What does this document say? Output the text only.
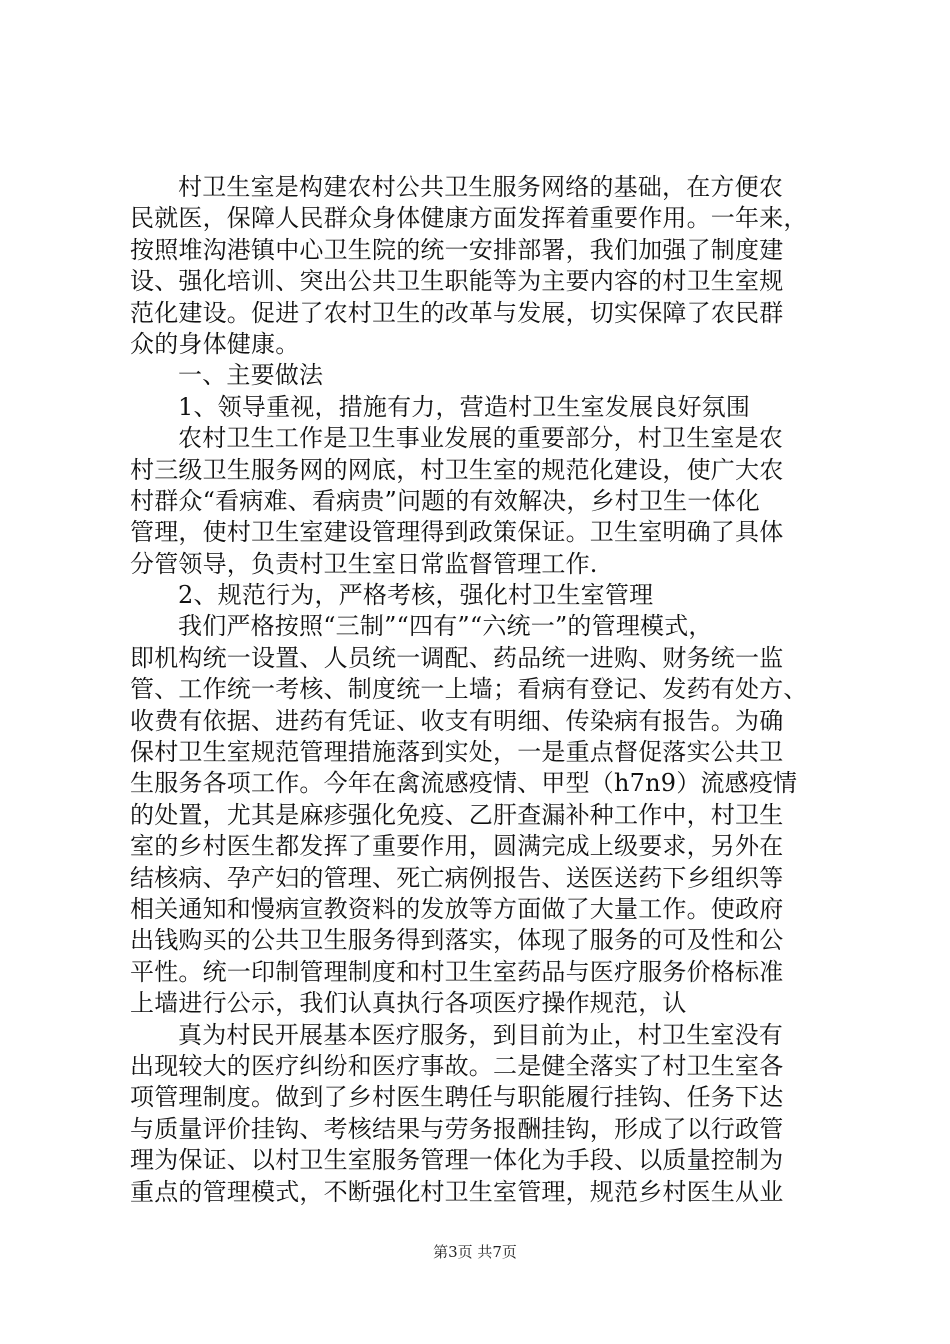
村卫生室是构建农村公共卫生服务网络的基础，在方便农
民就医，保障人民群众身体健康方面发挥着重要作用。一年来，
按照堆沟港镇中心卫生院的统一安排部署，我们加强了制度建
设、强化培训、突出公共卫生职能等为主要内容的村卫生室规
范化建设。促进了农村卫生的改革与发展，切实保障了农民群
众的身体健康。
一、主要做法
1、领导重视，措施有力，营造村卫生室发展良好氛围
农村卫生工作是卫生事业发展的重要部分，村卫生室是农
村三级卫生服务网的网底，村卫生室的规范化建设，使广大农
村群众“看病难、看病贵”问题的有效解决，乡村卫生一体化
管理，使村卫生室建设管理得到政策保证。卫生室明确了具体
分管领导，负责村卫生室日常监督管理工作.
2、规范行为，严格考核，强化村卫生室管理
我们严格按照“三制”“四有”“六统一”的管理模式，
即机构统一设置、人员统一调配、药品统一进购、财务统一监
管、工作统一考核、制度统一上墙；看病有登记、发药有处方、
收费有依据、进药有凭证、收支有明细、传染病有报告。为确
保村卫生室规范管理措施落到实处，一是重点督促落实公共卫
生服务各项工作。今年在禽流感疫情、甲型（h7n9）流感疫情
的处置，尤其是麻疹强化免疫、乙肝查漏补种工作中，村卫生
室的乡村医生都发挥了重要作用，圆满完成上级要求，另外在
结核病、孕产妇的管理、死亡病例报告、送医送药下乡组织等
相关通知和慢病宣教资料的发放等方面做了大量工作。使政府
出钱购买的公共卫生服务得到落实，体现了服务的可及性和公
平性。统一印制管理制度和村卫生室药品与医疗服务价格标准
上墙进行公示，我们认真执行各项医疗操作规范，认
真为村民开展基本医疗服务，到目前为止，村卫生室没有
出现较大的医疗纠纷和医疗事故。二是健全落实了村卫生室各
项管理制度。做到了乡村医生聘任与职能履行挂钩、任务下达
与质量评价挂钩、考核结果与劳务报酬挂钩，形成了以行政管
理为保证、以村卫生室服务管理一体化为手段、以质量控制为
重点的管理模式，不断强化村卫生室管理，规范乡村医生从业
第3页 共7页
